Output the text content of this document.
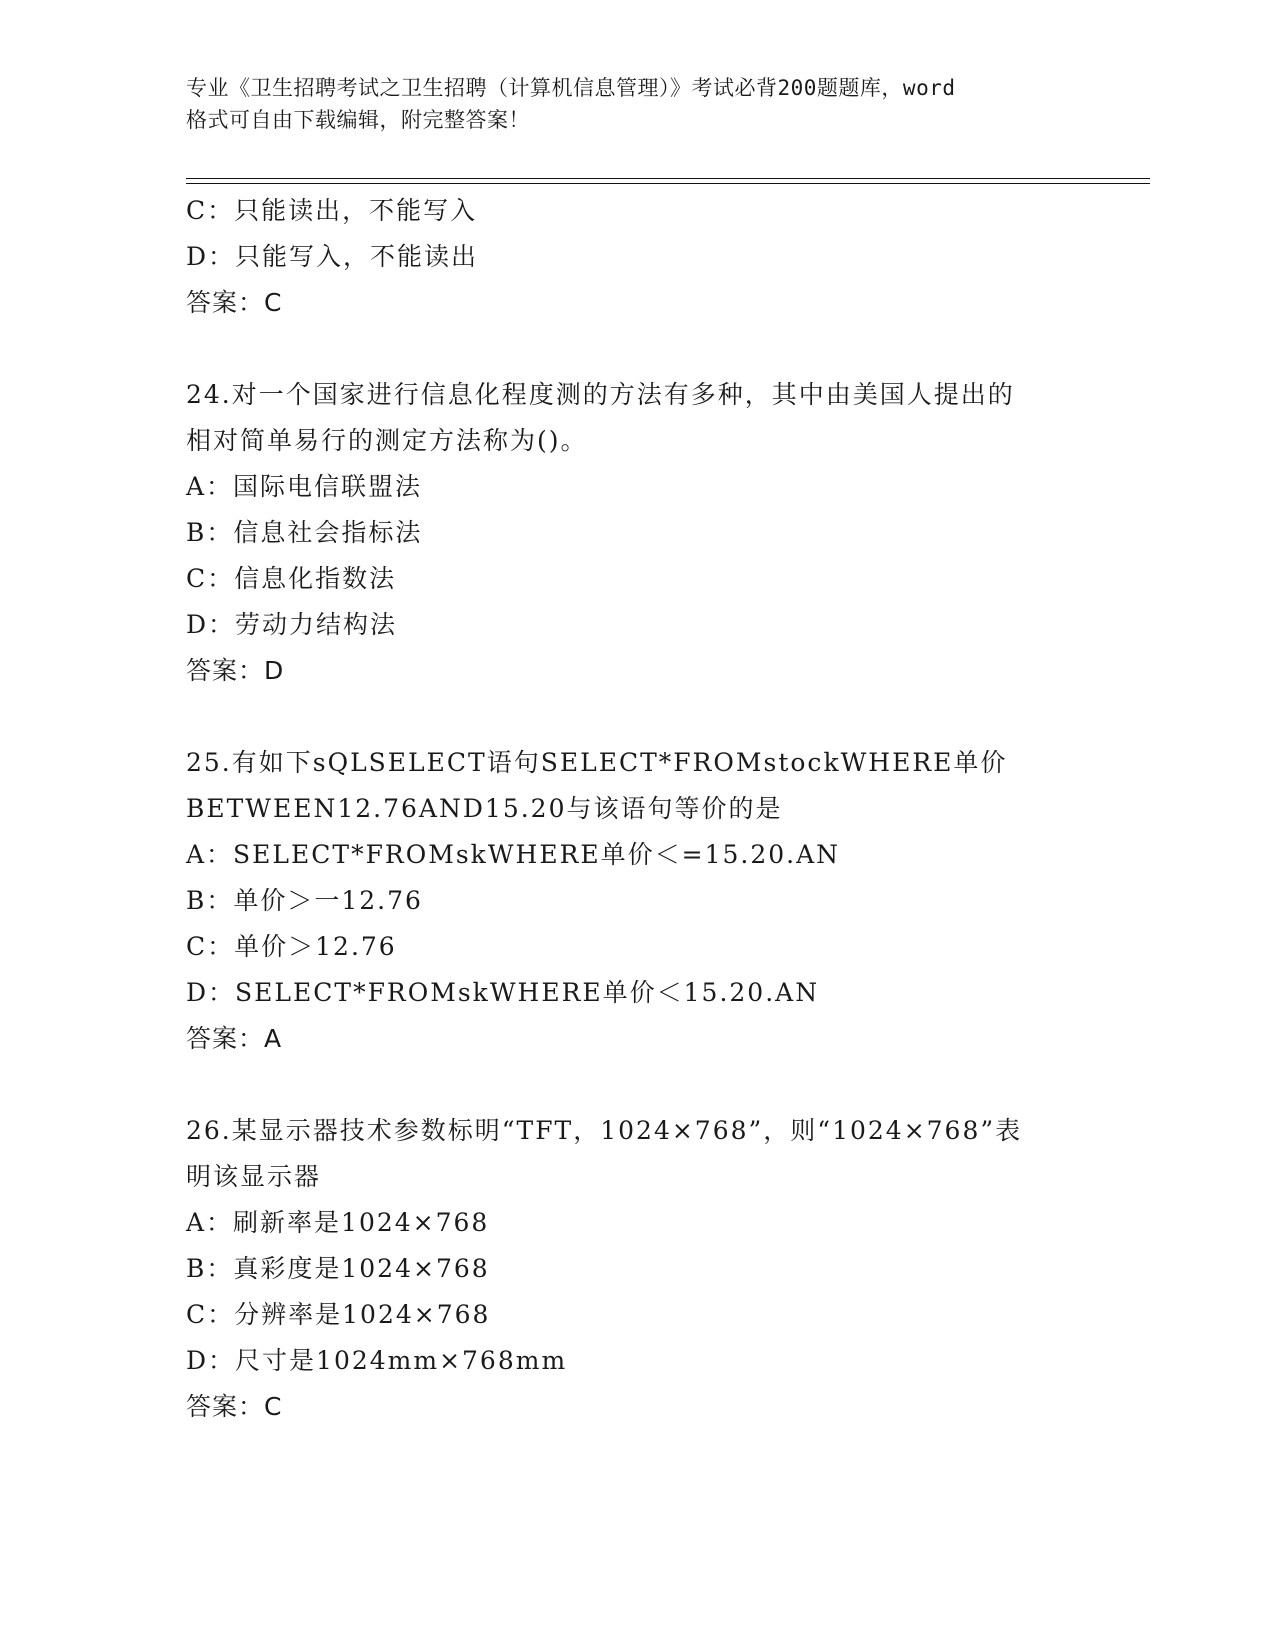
专业《卫生招聘考试之卫生招聘（计算机信息管理）》考试必背200题题库，word
格式可自由下载编辑，附完整答案！
C：只能读出，不能写入
D：只能写入，不能读出
答案：C
24.对一个国家进行信息化程度测的方法有多种，其中由美国人提出的
相对简单易行的测定方法称为()。
A：国际电信联盟法
B：信息社会指标法
C：信息化指数法
D：劳动力结构法
答案：D
25.有如下sQLSELECT语句SELECT*FROMstockWHERE单价
BETWEEN12.76AND15.20与该语句等价的是
A：SELECT*FROMskWHERE单价＜=15.20.AN
B：单价＞一12.76
C：单价＞12.76
D：SELECT*FROMskWHERE单价＜15.20.AN
答案：A
26.某显示器技术参数标明“TFT，1024×768”，则“1024×768”表
明该显示器
A：刷新率是1024×768
B：真彩度是1024×768
C：分辨率是1024×768
D：尺寸是1024mm×768mm
答案：C
